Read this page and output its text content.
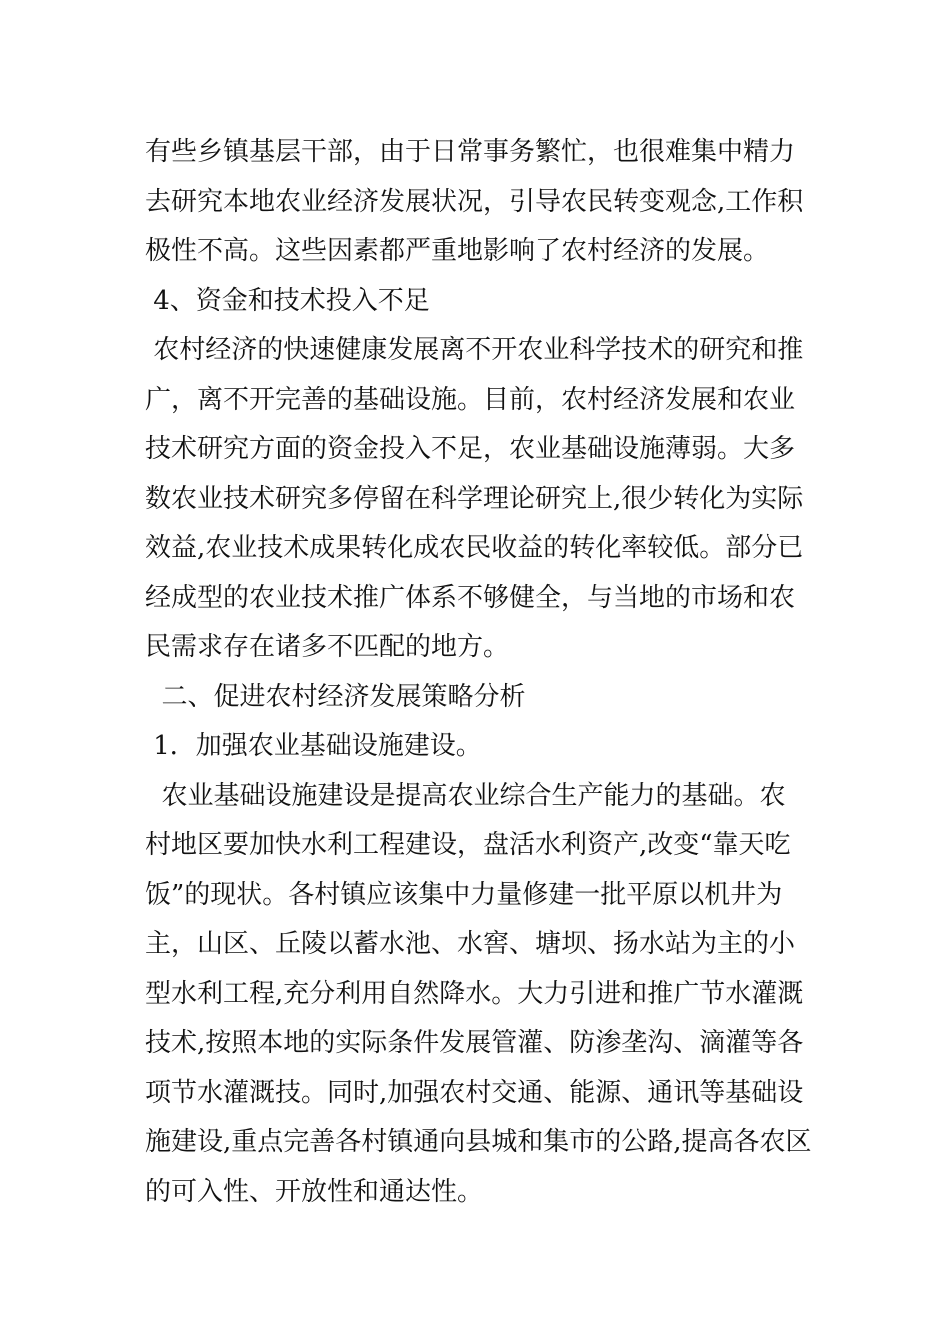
有些乡镇基层干部，由于日常事务繁忙，也很难集中精力
去研究本地农业经济发展状况，引导农民转变观念,工作积
极性不高。这些因素都严重地影响了农村经济的发展。
4、资金和技术投入不足
农村经济的快速健康发展离不开农业科学技术的研究和推
广，离不开完善的基础设施。目前，农村经济发展和农业
技术研究方面的资金投入不足，农业基础设施薄弱。大多
数农业技术研究多停留在科学理论研究上,很少转化为实际
效益,农业技术成果转化成农民收益的转化率较低。部分已
经成型的农业技术推广体系不够健全，与当地的市场和农
民需求存在诸多不匹配的地方。
二、促进农村经济发展策略分析
1．加强农业基础设施建设。
农业基础设施建设是提高农业综合生产能力的基础。农
村地区要加快水利工程建设，盘活水利资产,改变“靠天吃
饭”的现状。各村镇应该集中力量修建一批平原以机井为
主，山区、丘陵以蓄水池、水窖、塘坝、扬水站为主的小
型水利工程,充分利用自然降水。大力引进和推广节水灌溉
技术,按照本地的实际条件发展管灌、防渗垄沟、滴灌等各
项节水灌溉技。同时,加强农村交通、能源、通讯等基础设
施建设,重点完善各村镇通向县城和集市的公路,提高各农区
的可入性、开放性和通达性。
